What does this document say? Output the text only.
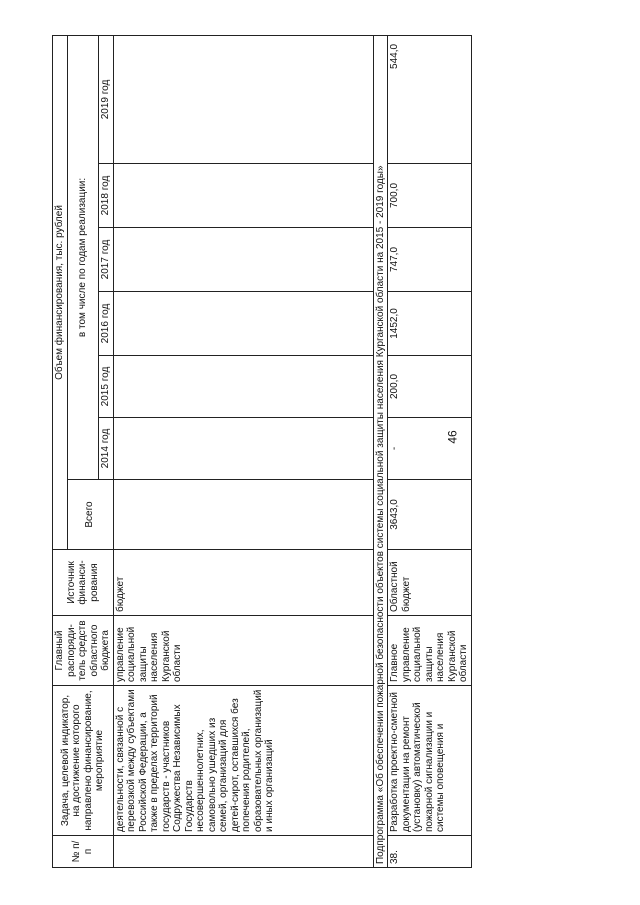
46
№ п/п	Задача, целевой индикатор, на достижение которого направлено финансирование, мероприятие	Главный распоряди- тель средств областного бюджета	Источник финанси- рования	Объем финансирования, тыс. рублей						
				Всего	в том числе по годам реализации:					
					2014 год	2015 год	2016 год	2017 год	2018 год	2019 год
	деятельности, связанной с перевозкой между субъектами Российской Федерации, а также в пределах территорий государств - участников Содружества Независимых Государств несовершеннолетних, самовольно ушедших из семей, организаций для детей-сирот, оставшихся без попечения родителей, образовательных организаций и иных организаций	управление социальной защиты населения Курганской области	бюджет							
Подпрограмма «Об обеспечении пожарной безопасности объектов системы социальной защиты населения Курганской области на 2015 - 2019 годы»										
38.	Разработка проектно-сметной документации на ремонт (установку) автоматической пожарной сигнализации и системы оповещения и	Главное управление социальной защиты населения Курганской области	Областной бюджет	3643,0	-	200,0	1452,0	747,0	700,0	544,0
